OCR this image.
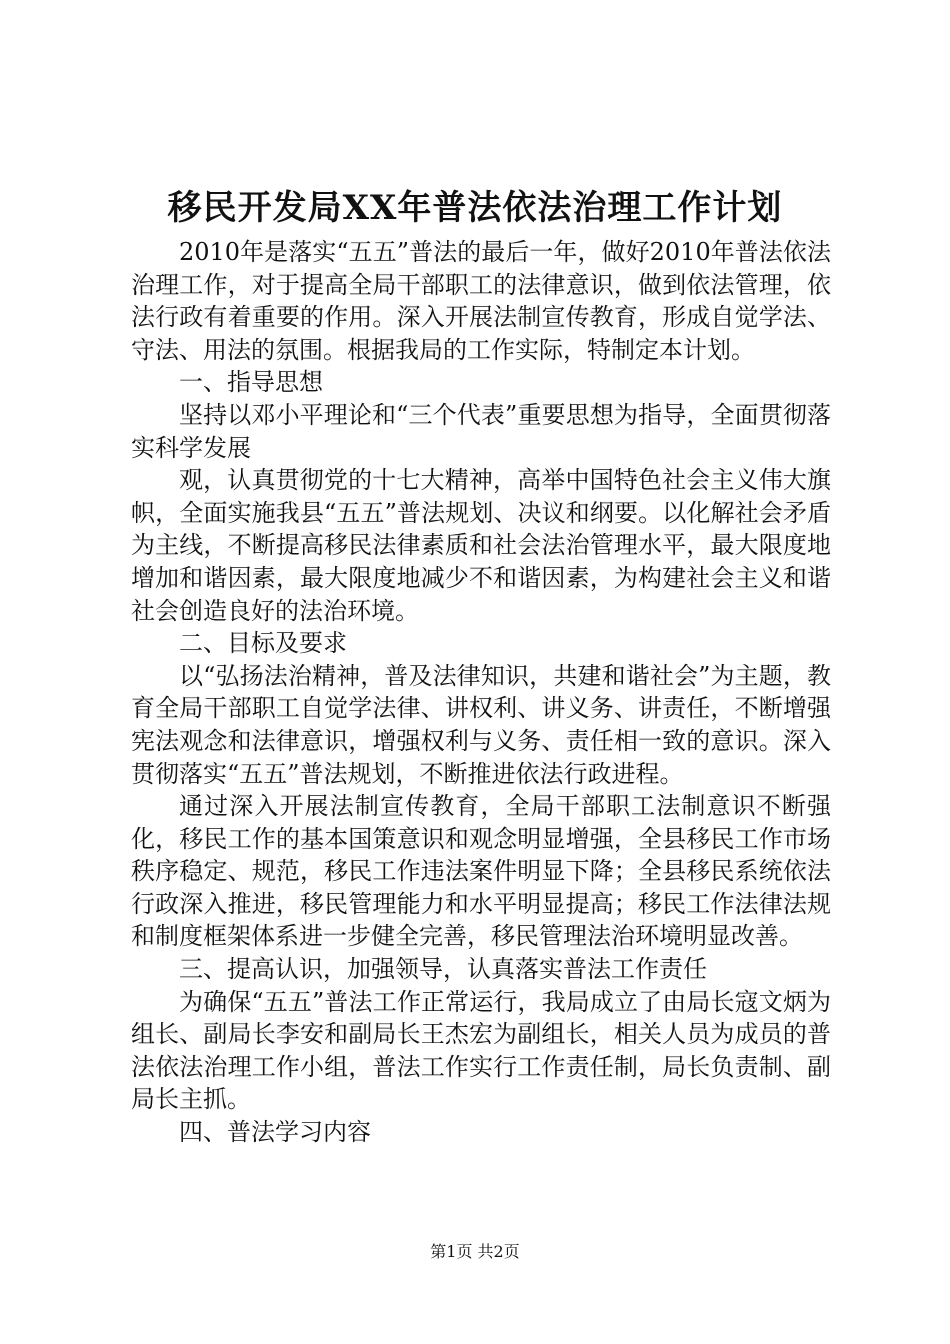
移民开发局XX年普法依法治理工作计划

2010年是落实“五五”普法的最后一年，做好2010年普法依法治理工作，对于提高全局干部职工的法律意识，做到依法管理，依法行政有着重要的作用。深入开展法制宣传教育，形成自觉学法、守法、用法的氛围。根据我局的工作实际，特制定本计划。

一、指导思想

坚持以邓小平理论和“三个代表”重要思想为指导，全面贯彻落实科学发展

观，认真贯彻党的十七大精神，高举中国特色社会主义伟大旗帜，全面实施我县“五五”普法规划、决议和纲要。以化解社会矛盾为主线，不断提高移民法律素质和社会法治管理水平，最大限度地增加和谐因素，最大限度地减少不和谐因素，为构建社会主义和谐社会创造良好的法治环境。

二、目标及要求

以“弘扬法治精神，普及法律知识，共建和谐社会”为主题，教育全局干部职工自觉学法律、讲权利、讲义务、讲责任，不断增强宪法观念和法律意识，增强权利与义务、责任相一致的意识。深入贯彻落实“五五”普法规划，不断推进依法行政进程。

通过深入开展法制宣传教育，全局干部职工法制意识不断强化，移民工作的基本国策意识和观念明显增强，全县移民工作市场秩序稳定、规范，移民工作违法案件明显下降；全县移民系统依法行政深入推进，移民管理能力和水平明显提高；移民工作法律法规和制度框架体系进一步健全完善，移民管理法治环境明显改善。

三、提高认识，加强领导，认真落实普法工作责任

为确保“五五”普法工作正常运行，我局成立了由局长寇文炳为组长、副局长李安和副局长王杰宏为副组长，相关人员为成员的普法依法治理工作小组，普法工作实行工作责任制，局长负责制、副局长主抓。

四、普法学习内容

第1页 共2页
